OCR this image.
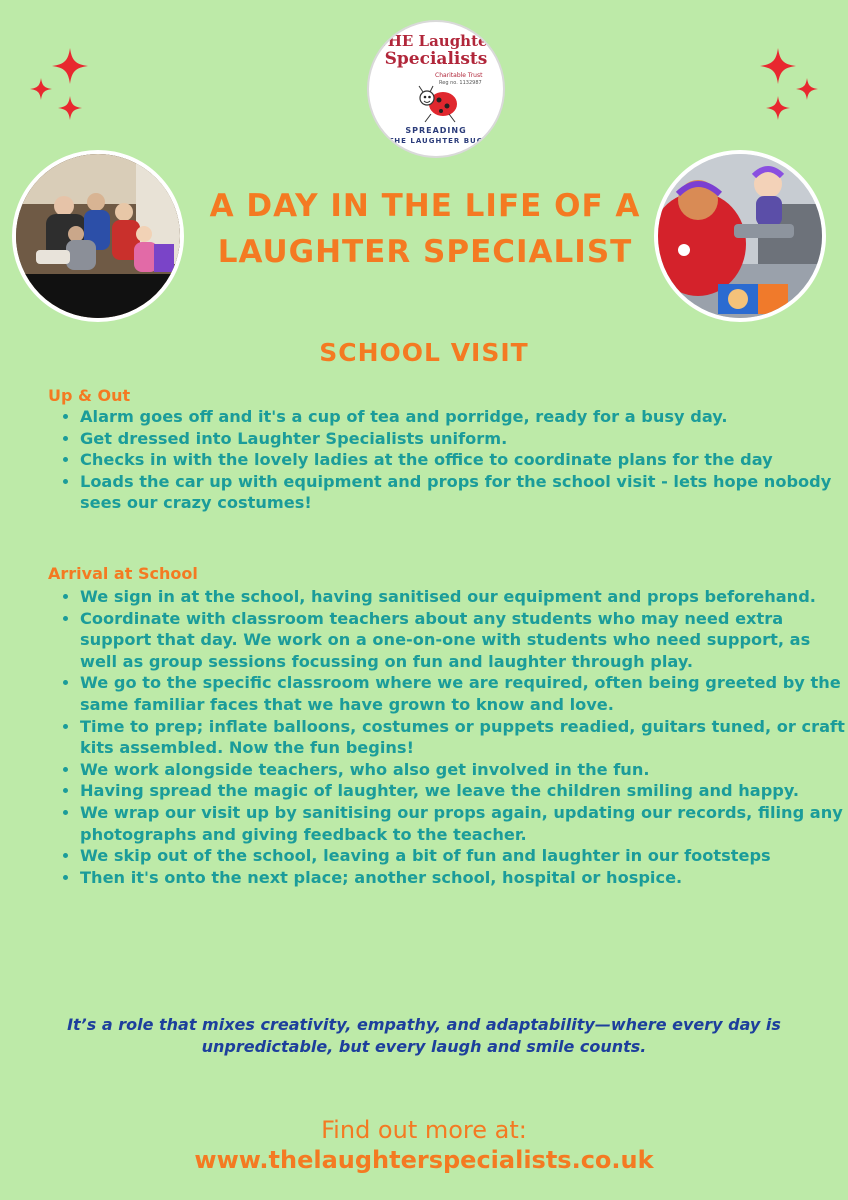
THE Laughter
Specialists
Charitable Trust
Reg no. 1132987
SPREADING
THE LAUGHTER BUG
A DAY IN THE LIFE OF A LAUGHTER SPECIALIST
SCHOOL VISIT
Up & Out
• Alarm goes off and it's a cup of tea and porridge, ready for a busy day.
• Get dressed into Laughter Specialists uniform.
• Checks in with the lovely ladies at the office to coordinate plans for the day
• Loads the car up with equipment and props for the school visit - lets hope nobody sees our crazy costumes!
Arrival at School
• We sign in at the school, having sanitised our equipment and props beforehand.
• Coordinate with classroom teachers about any students who may need extra support that day. We work on a one-on-one with students who need support, as well as group sessions focussing on fun and laughter through play.
• We go to the specific classroom where we are required, often being greeted by the same familiar faces that we have grown to know and love.
• Time to prep; inflate balloons, costumes or puppets readied, guitars tuned, or craft kits assembled. Now the fun begins!
• We work alongside teachers, who also get involved in the fun.
• Having spread the magic of laughter, we leave the children smiling and happy.
• We wrap our visit up by sanitising our props again, updating our records, filing any photographs and giving feedback to the teacher.
• We skip out of the school, leaving a bit of fun and laughter in our footsteps
• Then it's onto the next place; another school, hospital or hospice.

It’s a role that mixes creativity, empathy, and adaptability—where every day is unpredictable, but every laugh and smile counts.

Find out more at:

www.thelaughterspecialists.co.uk
